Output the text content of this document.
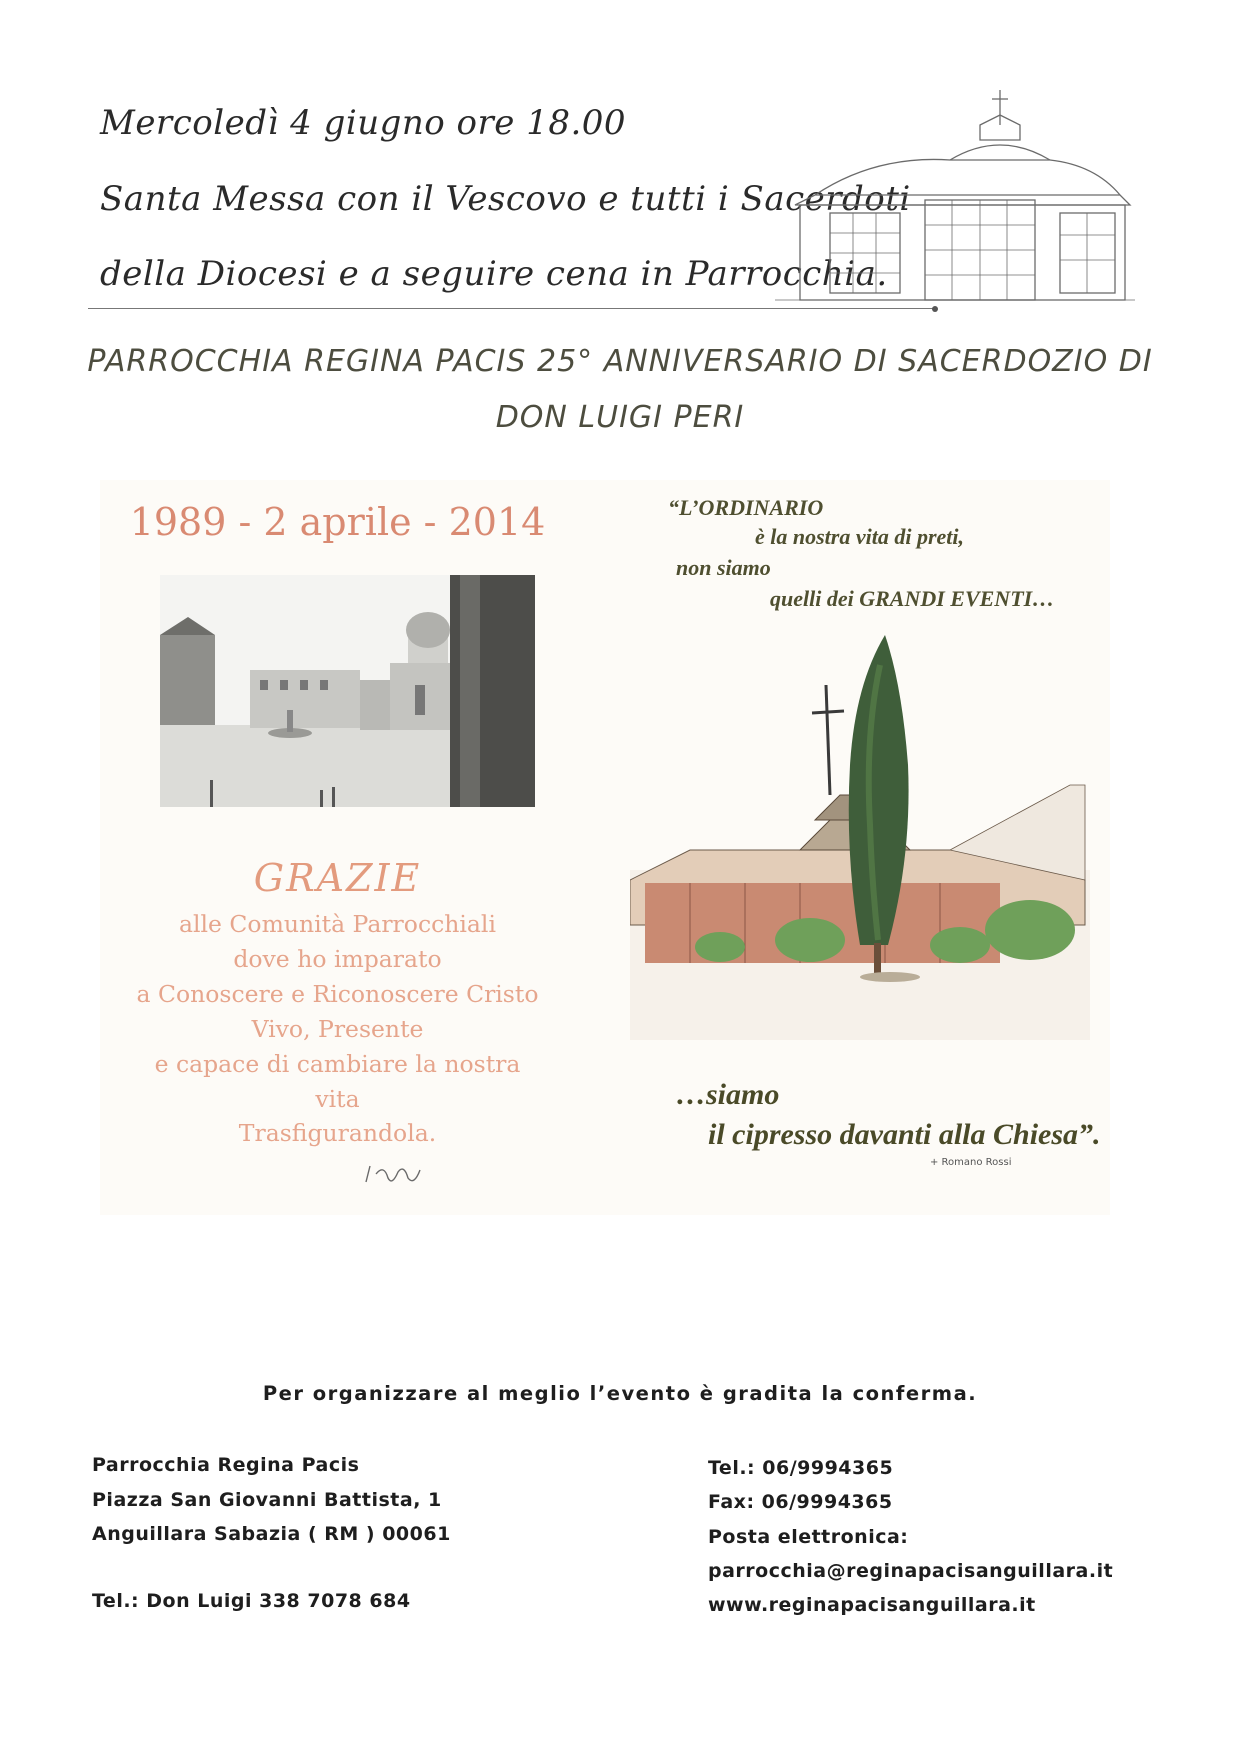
Mercoledì 4 giugno ore 18.00
Santa Messa con il Vescovo e tutti i Sacerdoti
della Diocesi e a seguire cena in Parrocchia.
PARROCCHIA REGINA PACIS 25° ANNIVERSARIO DI SACERDOZIO DI
DON LUIGI PERI
1989 - 2 aprile - 2014
GRAZIE
alle Comunità Parrocchiali
dove ho imparato
a Conoscere e Riconoscere Cristo
Vivo, Presente
e capace di cambiare la nostra
vita
Trasfigurandola.
“L’ORDINARIO
è la nostra vita di preti,
non siamo
quelli dei GRANDI EVENTI…
…siamo
il cipresso davanti alla Chiesa”.
+ Romano Rossi
Per organizzare al meglio l’evento è gradita la conferma.
Parrocchia Regina Pacis
Piazza San Giovanni Battista, 1
Anguillara Sabazia ( RM ) 00061
Tel.: Don Luigi 338 7078 684
Tel.: 06/9994365
Fax: 06/9994365
Posta elettronica:
parrocchia@reginapacisanguillara.it
www.reginapacisanguillara.it
